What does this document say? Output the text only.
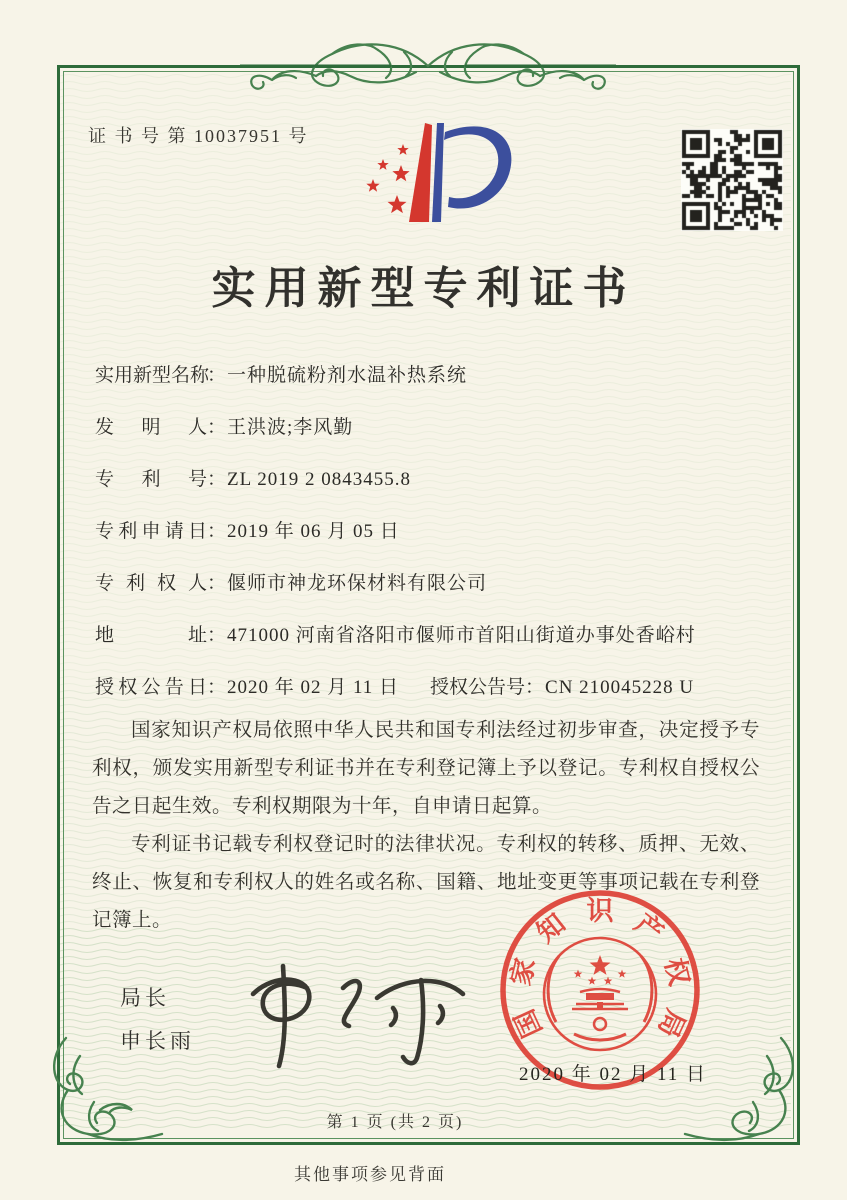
证 书 号 第 10037951 号
实用新型专利证书
实用新型名称：一种脱硫粉剂水温补热系统
发明人：王洪波;李风勤
专利号：ZL 2019 2 0843455.8
专利申请日：2019 年 06 月 05 日
专利权人：偃师市神龙环保材料有限公司
地址：471000 河南省洛阳市偃师市首阳山街道办事处香峪村
授权公告日：2020 年 02 月 11 日 授权公告号：CN 210045228 U

国家知识产权局依照中华人民共和国专利法经过初步审查，决定授予专利权，颁发实用新型专利证书并在专利登记簿上予以登记。专利权自授权公告之日起生效。专利权期限为十年，自申请日起算。

专利证书记载专利权登记时的法律状况。专利权的转移、质押、无效、终止、恢复和专利权人的姓名或名称、国籍、地址变更等事项记载在专利登记簿上。

局长
申长雨	国
家
知 识 产
权
局
2020 年 02 月 11 日
第 1 页 (共 2 页)
其他事项参见背面
